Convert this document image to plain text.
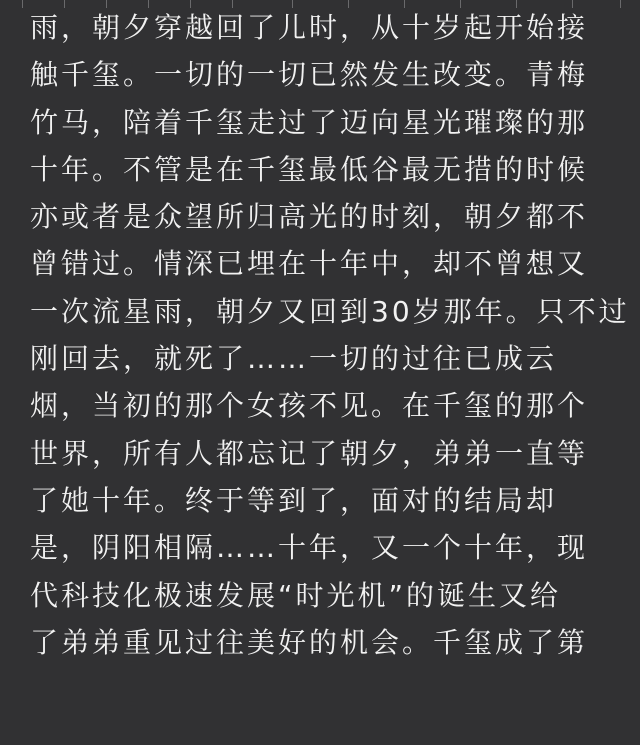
雨，朝夕穿越回了儿时，从十岁起开始接
触千玺。一切的一切已然发生改变。青梅
竹马，陪着千玺走过了迈向星光璀璨的那
十年。不管是在千玺最低谷最无措的时候
亦或者是众望所归高光的时刻，朝夕都不
曾错过。情深已埋在十年中，却不曾想又
一次流星雨，朝夕又回到30岁那年。只不过
刚回去，就死了……一切的过往已成云
烟，当初的那个女孩不见。在千玺的那个
世界，所有人都忘记了朝夕，弟弟一直等
了她十年。终于等到了，面对的结局却
是，阴阳相隔……十年，又一个十年，现
代科技化极速发展“时光机”的诞生又给
了弟弟重见过往美好的机会。千玺成了第
